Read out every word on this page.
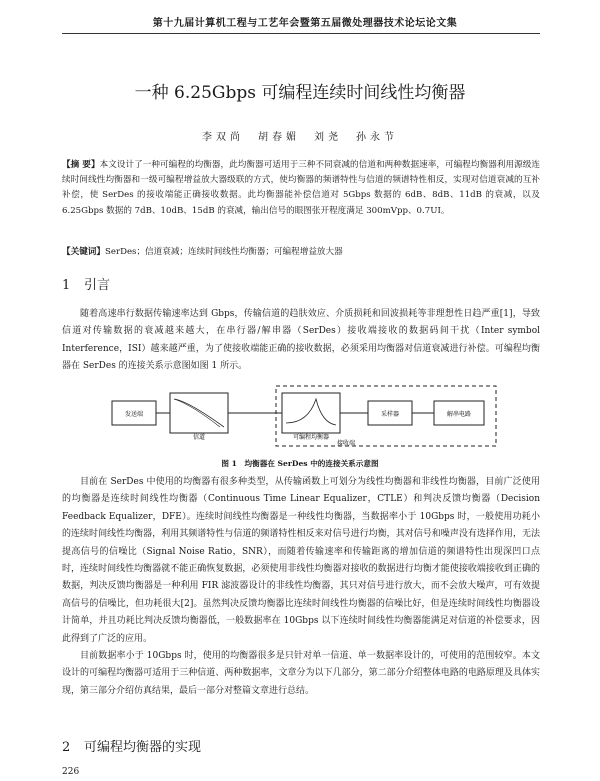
第十九届计算机工程与工艺年会暨第五届微处理器技术论坛论文集
一种 6.25Gbps 可编程连续时间线性均衡器
李双尚　胡春媚　刘尧　孙永节
【摘 要】本文设计了一种可编程的均衡器，此均衡器可适用于三种不同衰减的信道和两种数据速率，可编程均衡器利用源级连续时间线性均衡器和一级可编程增益放大器级联的方式，使均衡器的频谱特性与信道的频谱特性相反，实现对信道衰减的互补补偿，使 SerDes 的接收端能正确接收数据。此均衡器能补偿信道对 5Gbps 数据的 6dB、8dB、11dB 的衰减，以及 6.25Gbps 数据的 7dB、10dB、15dB 的衰减，输出信号的眼图张开程度满足 300mVpp、0.7UI。
【关键词】SerDes；信道衰减；连续时间线性均衡器；可编程增益放大器
1 引言
随着高速串行数据传输速率达到 Gbps，传输信道的趋肤效应、介质损耗和回波损耗等非理想性日趋严重[1]，导致信道对传输数据的衰减越来越大，在串行器/解串器（SerDes）接收端接收的数据码间干扰（Inter symbol Interference，ISI）越来越严重，为了使接收端能正确的接收数据，必须采用均衡器对信道衰减进行补偿。可编程均衡器在 SerDes 的连接关系示意图如图 1 所示。
发送端
信道	可编程均衡器
采样器	解串电路
接收端
图 1　均衡器在 SerDes 中的连接关系示意图
目前在 SerDes 中使用的均衡器有很多种类型，从传输函数上可划分为线性均衡器和非线性均衡器，目前广泛使用的均衡器是连续时间线性均衡器（Continuous Time Linear Equalizer，CTLE）和判决反馈均衡器（Decision Feedback Equalizer，DFE）。连续时间线性均衡器是一种线性均衡器，当数据率小于 10Gbps 时，一般使用功耗小的连续时间线性均衡器，利用其频谱特性与信道的频谱特性相反来对信号进行均衡，其对信号和噪声没有选择作用，无法提高信号的信噪比（Signal Noise Ratio，SNR），而随着传输速率和传输距离的增加信道的频谱特性出现深凹口点时，连续时间线性均衡器就不能正确恢复数据，必须使用非线性均衡器对接收的数据进行均衡才能使接收端接收到正确的数据，判决反馈均衡器是一种利用 FIR 滤波器设计的非线性均衡器，其只对信号进行放大，而不会放大噪声，可有效提高信号的信噪比，但功耗很大[2]。虽然判决反馈均衡器比连续时间线性均衡器的信噪比好，但是连续时间线性均衡器设计简单，并且功耗比判决反馈均衡器低，一般数据率在 10Gbps 以下连续时间线性均衡器能满足对信道的补偿要求，因此得到了广泛的应用。
目前数据率小于 10Gbps 时，使用的均衡器很多是只针对单一信道、单一数据率设计的，可使用的范围较窄。本文设计的可编程均衡器可适用于三种信道、两种数据率，文章分为以下几部分，第二部分介绍整体电路的电路原理及具体实现，第三部分介绍仿真结果，最后一部分对整篇文章进行总结。
2 可编程均衡器的实现
226
